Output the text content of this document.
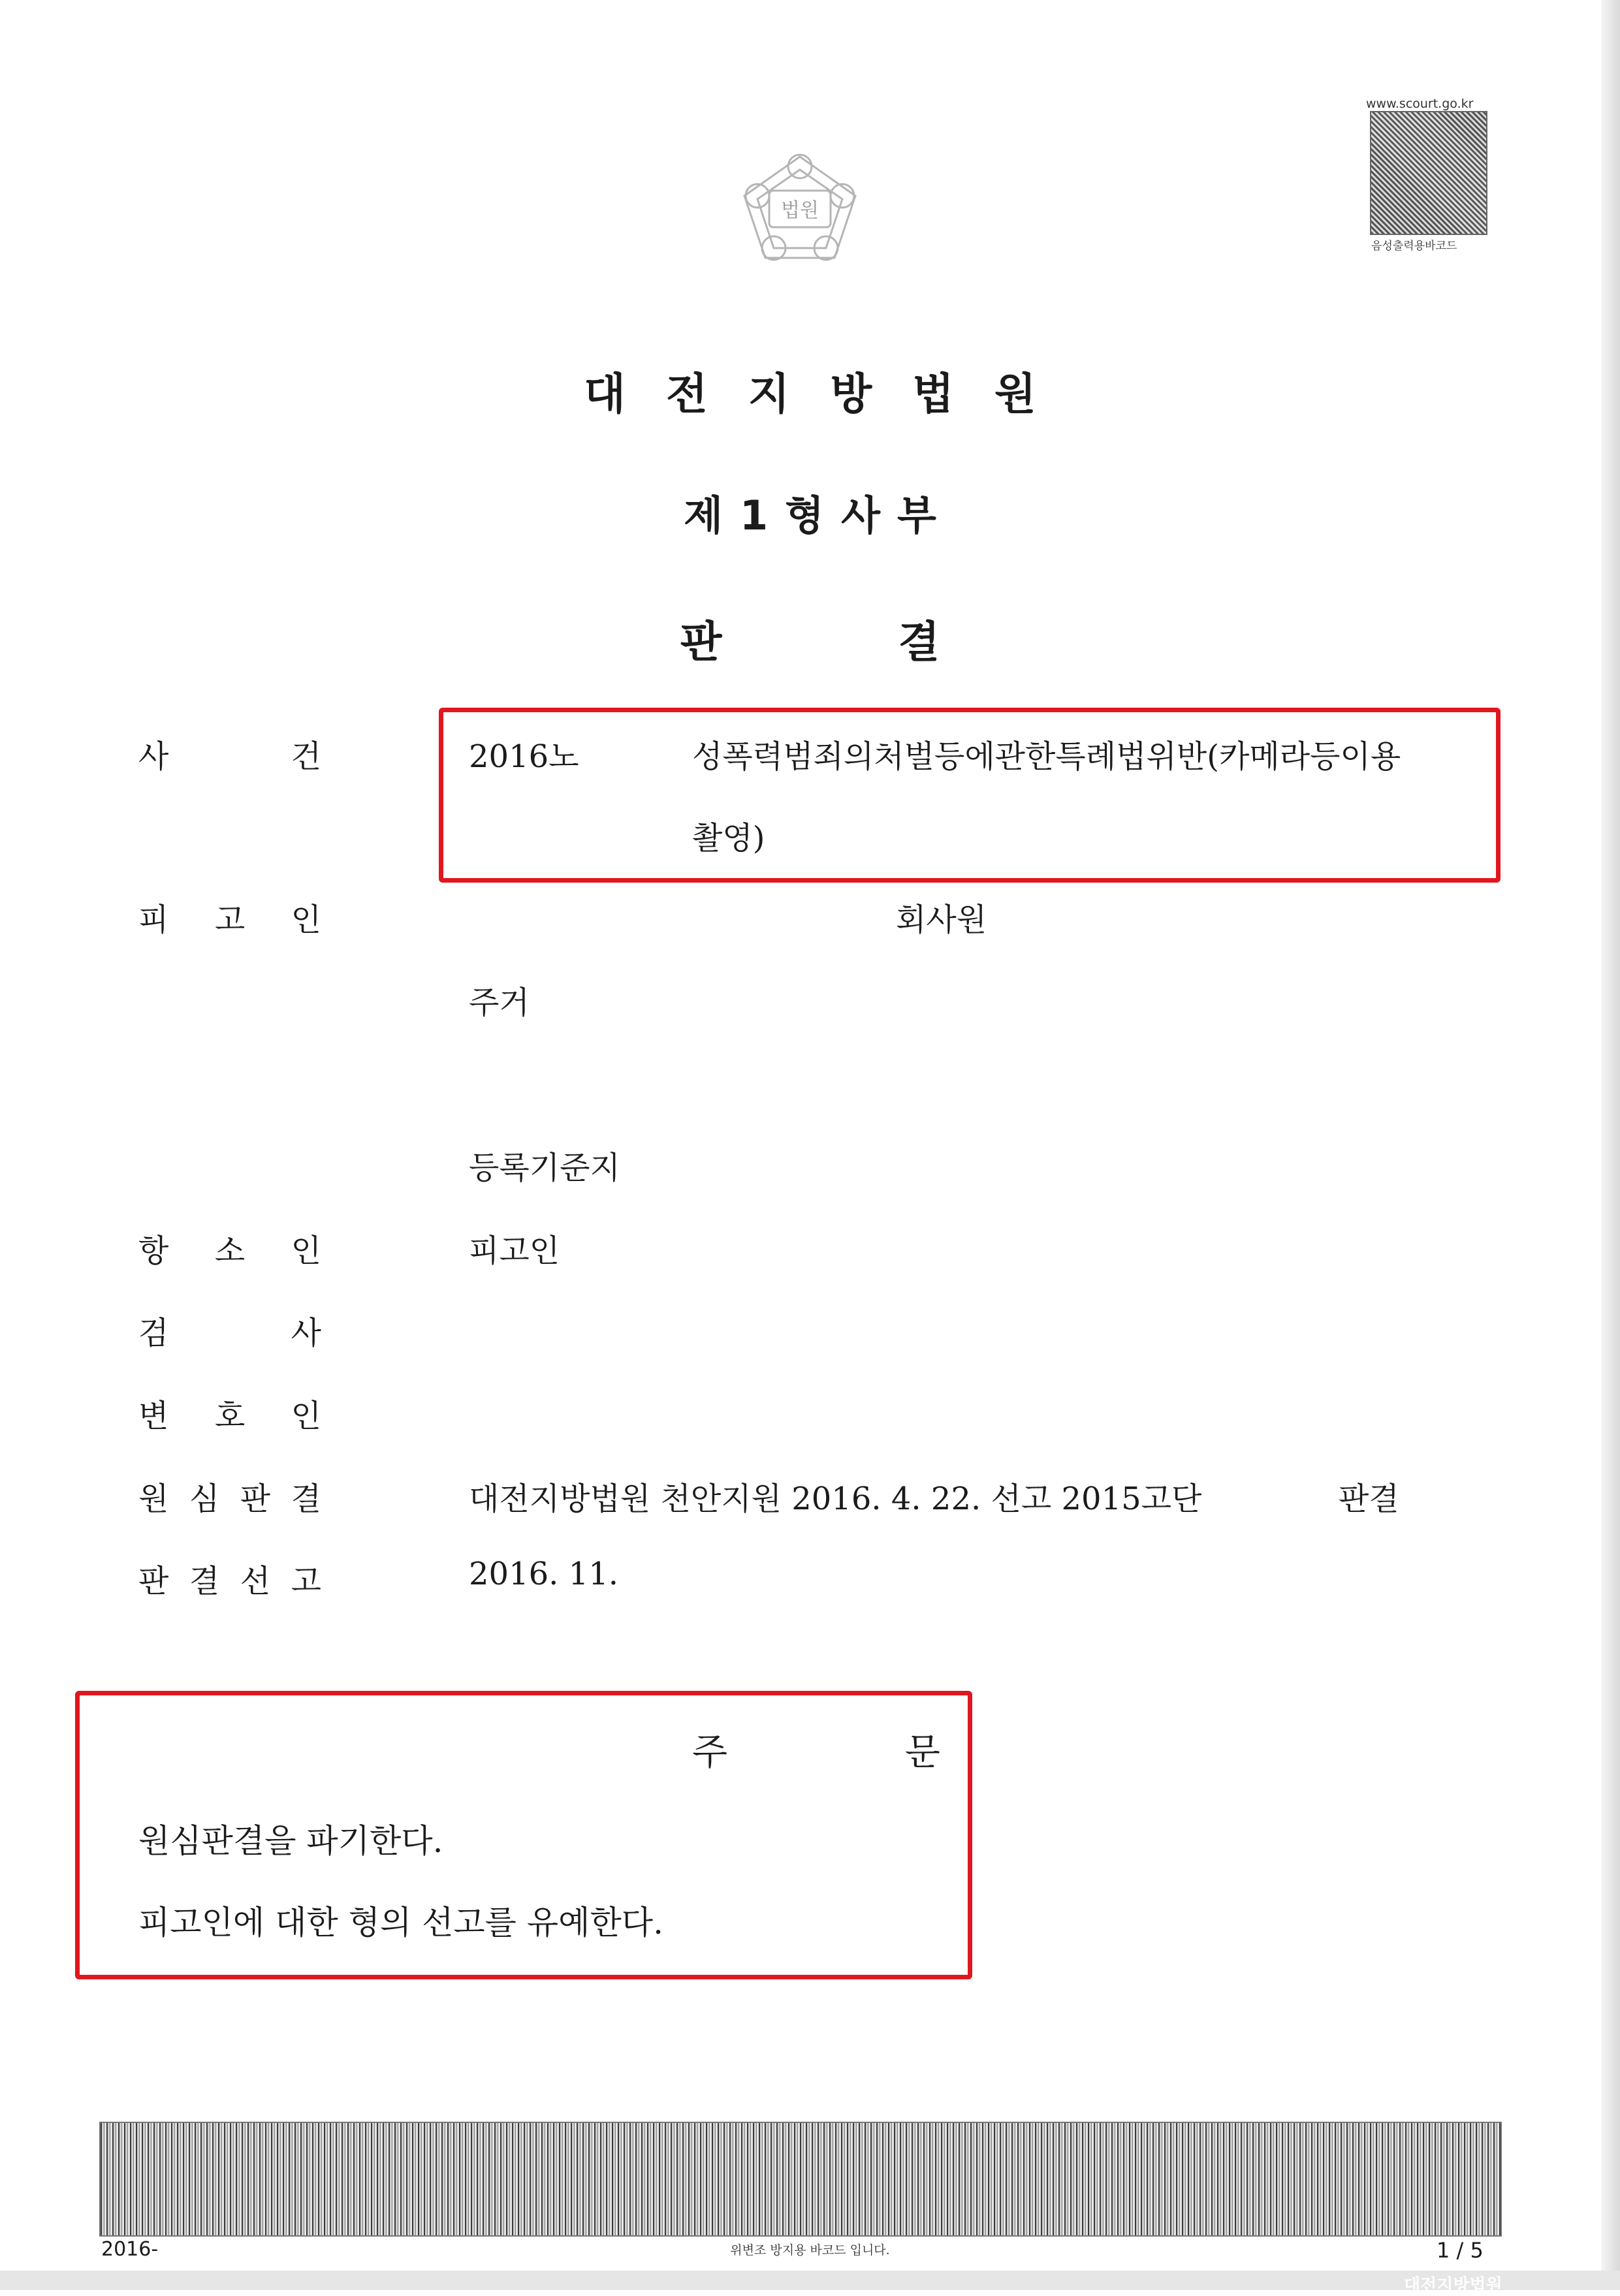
법원
www.scourt.go.kr
음성출력용바코드
대전지방법원
제1형사부
판결
사	건	2016노	성폭력범죄의처벌등에관한특례법위반(카메라등이용
촬영)
피 고 인	회사원
주거
등록기준지
항 소 인	피고인
검	사
변 호 인
원 심 판 결	대전지방법원 천안지원 2016. 4. 22. 선고 2015고단	판결
판 결 선 고	2016. 11.
주	문
원심판결을 파기한다.
피고인에 대한 형의 선고를 유예한다.
2016-	위변조 방지용 바코드 입니다.	1 / 5
대전지방법원
